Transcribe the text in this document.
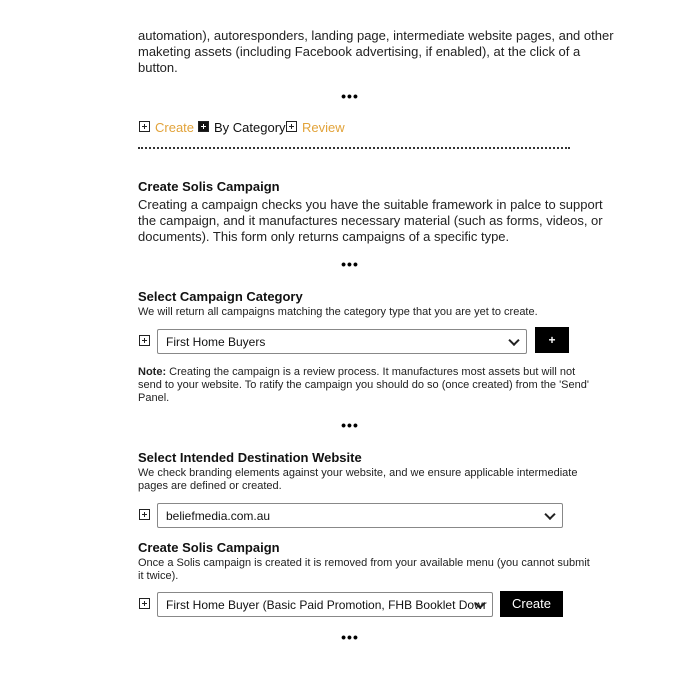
automation), autoresponders, landing page, intermediate website pages, and other
maketing assets (including Facebook advertising, if enabled), at the click of a
button.
•••
Create By Category Review
Create Solis Campaign
Creating a campaign checks you have the suitable framework in palce to support
the campaign, and it manufactures necessary material (such as forms, videos, or
documents). This form only returns campaigns of a specific type.
•••
Select Campaign Category
We will return all campaigns matching the category type that you are yet to create.
First Home Buyers	+
Note: Creating the campaign is a review process. It manufactures most assets but will not
send to your website. To ratify the campaign you should do so (once created) from the 'Send'
Panel.
•••
Select Intended Destination Website
We check branding elements against your website, and we ensure applicable intermediate
pages are defined or created.
beliefmedia.com.au
Create Solis Campaign
Once a Solis campaign is created it is removed from your available menu (you cannot submit
it twice).
First Home Buyer (Basic Paid Promotion, FHB Booklet Dowr	Create
•••
